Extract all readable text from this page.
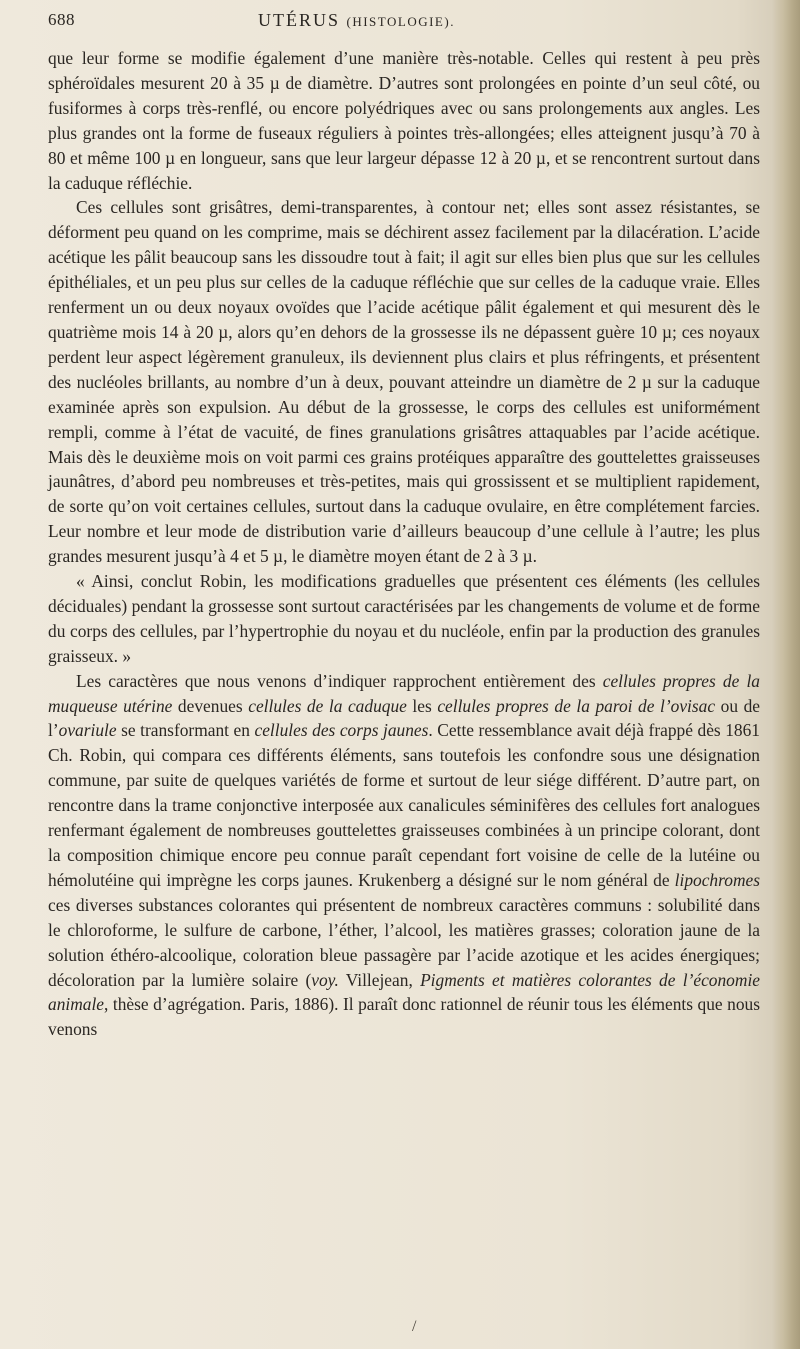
688	UTÉRUS (HISTOLOGIE).

que leur forme se modifie également d’une manière très-notable. Celles qui restent à peu près sphéroïdales mesurent 20 à 35 µ de diamètre. D’autres sont prolongées en pointe d’un seul côté, ou fusiformes à corps très-renflé, ou encore polyédriques avec ou sans prolongements aux angles. Les plus grandes ont la forme de fuseaux réguliers à pointes très-allongées; elles atteignent jusqu’à 70 à 80 et même 100 µ en longueur, sans que leur largeur dépasse 12 à 20 µ, et se rencontrent surtout dans la caduque réfléchie.

Ces cellules sont grisâtres, demi-transparentes, à contour net; elles sont assez résistantes, se déforment peu quand on les comprime, mais se déchirent assez facilement par la dilacération. L’acide acétique les pâlit beaucoup sans les dissoudre tout à fait; il agit sur elles bien plus que sur les cellules épithéliales, et un peu plus sur celles de la caduque réfléchie que sur celles de la caduque vraie. Elles renferment un ou deux noyaux ovoïdes que l’acide acétique pâlit également et qui mesurent dès le quatrième mois 14 à 20 µ, alors qu’en dehors de la grossesse ils ne dépassent guère 10 µ; ces noyaux perdent leur aspect légèrement granuleux, ils deviennent plus clairs et plus réfringents, et présentent des nucléoles brillants, au nombre d’un à deux, pouvant atteindre un diamètre de 2 µ sur la caduque examinée après son expulsion. Au début de la grossesse, le corps des cellules est uniformément rempli, comme à l’état de vacuité, de fines granulations grisâtres attaquables par l’acide acétique. Mais dès le deuxième mois on voit parmi ces grains protéiques apparaître des gouttelettes graisseuses jaunâtres, d’abord peu nombreuses et très-petites, mais qui grossissent et se multiplient rapidement, de sorte qu’on voit certaines cellules, surtout dans la caduque ovulaire, en être complétement farcies. Leur nombre et leur mode de distribution varie d’ailleurs beaucoup d’une cellule à l’autre; les plus grandes mesurent jusqu’à 4 et 5 µ, le diamètre moyen étant de 2 à 3 µ.

« Ainsi, conclut Robin, les modifications graduelles que présentent ces éléments (les cellules déciduales) pendant la grossesse sont surtout caractérisées par les changements de volume et de forme du corps des cellules, par l’hypertrophie du noyau et du nucléole, enfin par la production des granules graisseux. »

Les caractères que nous venons d’indiquer rapprochent entièrement des cellules propres de la muqueuse utérine devenues cellules de la caduque les cellules propres de la paroi de l’ovisac ou de l’ovariule se transformant en cellules des corps jaunes. Cette ressemblance avait déjà frappé dès 1861 Ch. Robin, qui compara ces différents éléments, sans toutefois les confondre sous une désignation commune, par suite de quelques variétés de forme et surtout de leur siége différent. D’autre part, on rencontre dans la trame conjonctive interposée aux canalicules séminifères des cellules fort analogues renfermant également de nombreuses gouttelettes graisseuses combinées à un principe colorant, dont la composition chimique encore peu connue paraît cependant fort voisine de celle de la lutéine ou hémolutéine qui imprègne les corps jaunes. Krukenberg a désigné sur le nom général de lipochromes ces diverses substances colorantes qui présentent de nombreux caractères communs : solubilité dans le chloroforme, le sulfure de carbone, l’éther, l’alcool, les matières grasses; coloration jaune de la solution éthéro-alcoolique, coloration bleue passagère par l’acide azotique et les acides énergiques; décoloration par la lumière solaire (voy. Villejean, Pigments et matières colorantes de l’économie animale, thèse d’agrégation. Paris, 1886). Il paraît donc rationnel de réunir tous les éléments que nous venons

/
